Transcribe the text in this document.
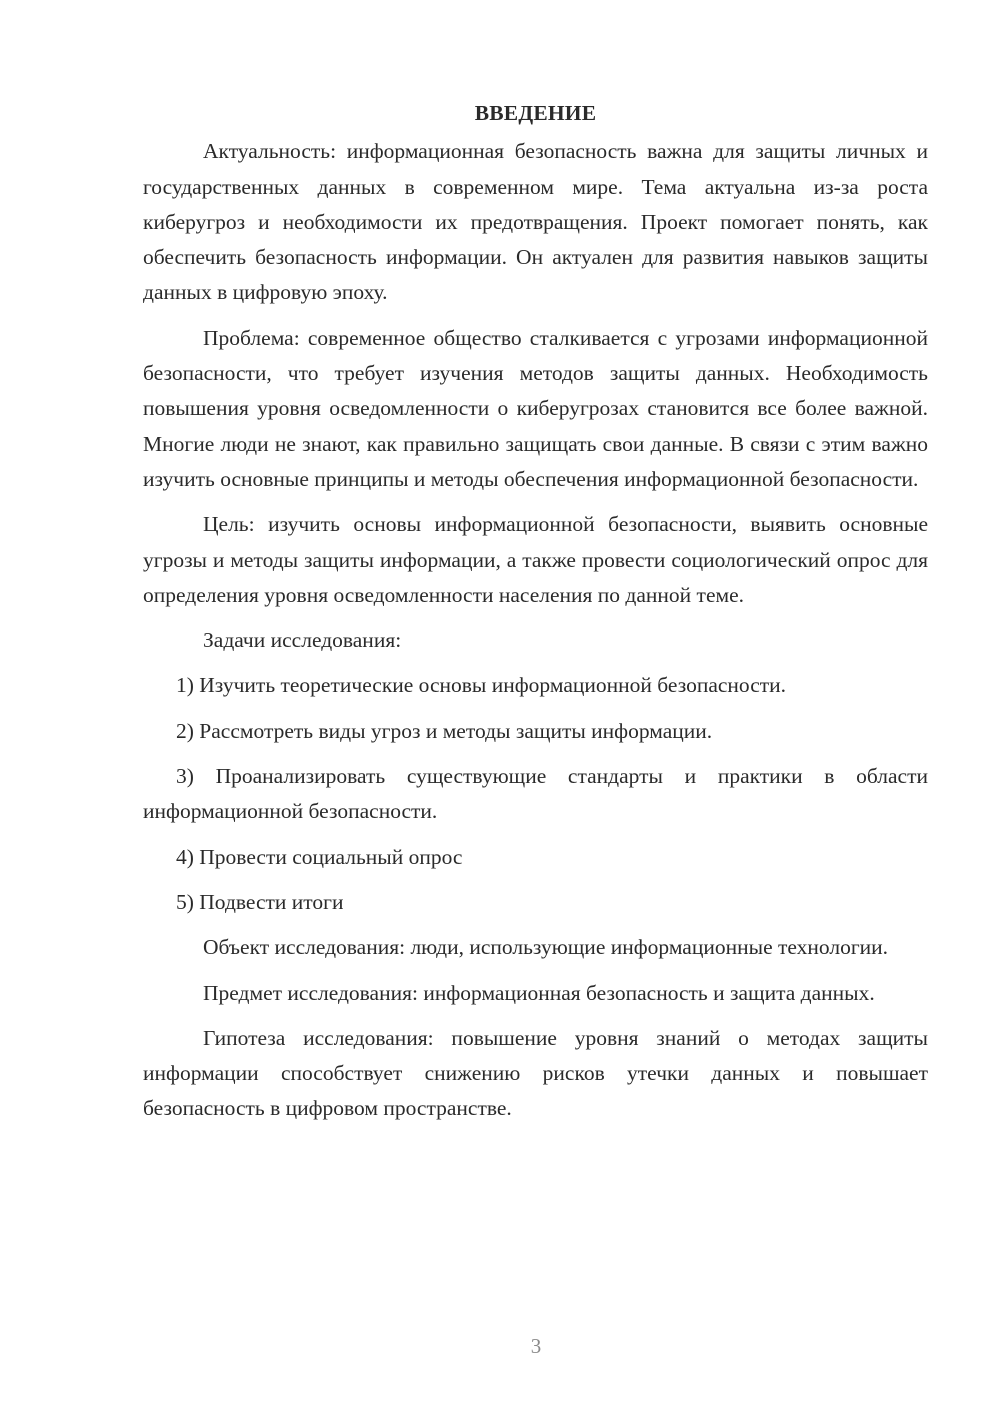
ВВЕДЕНИЕ

Актуальность: информационная безопасность важна для защиты личных и государственных данных в современном мире. Тема актуальна из-за роста киберугроз и необходимости их предотвращения. Проект помогает понять, как обеспечить безопасность информации. Он актуален для развития навыков защиты данных в цифровую эпоху.

Проблема: современное общество сталкивается с угрозами информационной безопасности, что требует изучения методов защиты данных. Необходимость повышения уровня осведомленности о киберугрозах становится все более важной. Многие люди не знают, как правильно защищать свои данные. В связи с этим важно изучить основные принципы и методы обеспечения информационной безопасности.

Цель: изучить основы информационной безопасности, выявить основные угрозы и методы защиты информации, а также провести социологический опрос для определения уровня осведомленности населения по данной теме.

Задачи исследования:

1) Изучить теоретические основы информационной безопасности.

2) Рассмотреть виды угроз и методы защиты информации.

3) Проанализировать существующие стандарты и практики в области информационной безопасности.

4) Провести социальный опрос

5) Подвести итоги

Объект исследования: люди, использующие информационные технологии.

Предмет исследования: информационная безопасность и защита данных.

Гипотеза исследования: повышение уровня знаний о методах защиты информации способствует снижению рисков утечки данных и повышает безопасность в цифровом пространстве.

3
